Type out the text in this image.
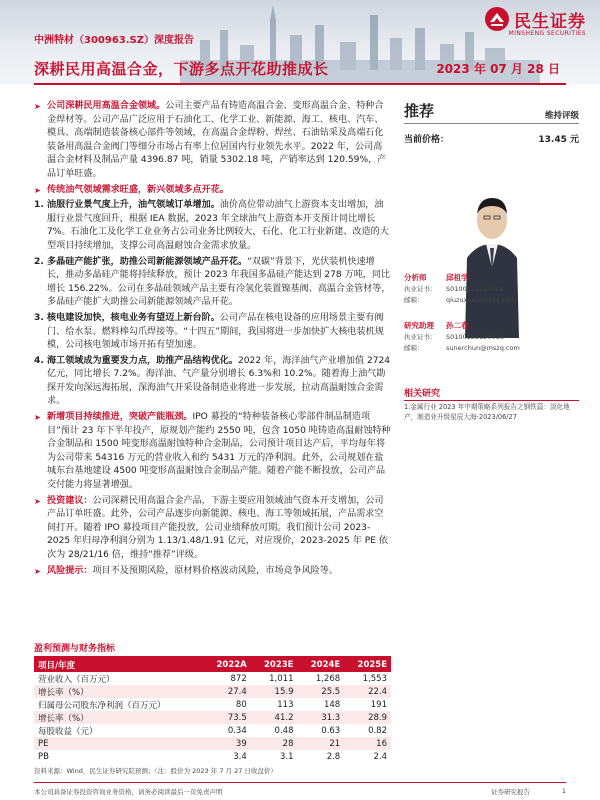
民生证券
MINSHENG SECURITIES
中洲特材（300963.SZ）深度报告
深耕民用高温合金，下游多点开花助推成长	2023 年 07 月 28 日
➤ 公司深耕民用高温合金领域。公司主要产品有铸造高温合金、变形高温合金、特种合金焊材等。公司产品广泛应用于石油化工、化学工业、新能源、海工、核电、汽车、模具、高端制造装备核心部件等领域，在高温合金焊粉、焊丝、石油钻采及高端石化装备用高温合金阀门等细分市场占有率上位居国内行业领先水平。2022 年，公司高温合金材料及制品产量 4396.87 吨，销量 5302.18 吨，产销率达到 120.59%，产品订单旺盛。
➤ 传统油气领域需求旺盛，新兴领域多点开花。
1. 油服行业景气度上升，油气领域订单增加。油价高位带动油气上游资本支出增加，油服行业景气度回升，根据 IEA 数据，2023 年全球油气上游资本开支预计同比增长 7%。石油化工及化学工业业务占公司业务比例较大，石化、化工行业新建、改造的大型项目持续增加，支撑公司高温耐蚀合金需求放量。
2. 多晶硅产能扩张，助推公司新能源领域产品开花。“双碳”背景下，光伏装机快速增长，推动多晶硅产能将持续释放，预计 2023 年我国多晶硅产能达到 278 万吨，同比增长 156.22%。公司在多晶硅领域产品主要有冷氢化装置镍基阀、高温合金管材等，多晶硅产能扩大助推公司新能源领域产品开花。
3. 核电建设加快，核电业务有望迈上新台阶。公司产品在核电设备的应用场景主要有阀门、给水泵、燃料棒勾爪焊接等。“十四五”期间，我国将进一步加快扩大核电装机规模，公司核电领域市场开拓有望加速。
4. 海工领域成为重要发力点，助推产品结构优化。2022 年，海洋油气产业增加值 2724 亿元，同比增长 7.2%。海洋油、气产量分别增长 6.3%和 10.2%。随着海上油气勘探开发向深远海拓展，深海油气开采设备制造业将进一步发展，拉动高温耐蚀合金需求。
➤ 新增项目持续推进，突破产能瓶颈。IPO 募投的“特种装备核心零部件制品制造项目”预计 23 年下半年投产，原规划产能约 2550 吨，包含 1050 吨铸造高温耐蚀特种合金制品和 1500 吨变形高温耐蚀特种合金制品，公司预计项目达产后，平均每年将为公司带来 54316 万元的营业收入和约 5431 万元的净利润。此外，公司规划在盐城东台基地建设 4500 吨变形高温耐蚀合金制品产能。随着产能不断投放，公司产品交付能力将显著增强。
➤ 投资建议：公司深耕民用高温合金产品，下游主要应用领域油气资本开支增加，公司产品订单旺盛。此外，公司产品逐步向新能源、核电、海工等领域拓展，产品需求空间打开。随着 IPO 募投项目产能投放，公司业绩释放可期。我们预计公司 2023-2025 年归母净利润分别为 1.13/1.48/1.91 亿元，对应现价，2023-2025 年 PE 依次为 28/21/16 倍，维持“推荐”评级。
➤ 风险提示：项目不及预期风险，原材料价格波动风险，市场竞争风险等。
盈利预测与财务指标
项目/年度	2022A	2023E	2024E	2025E
营业收入（百万元）	872	1,011	1,268	1,553
增长率（%）	27.4	15.9	25.5	22.4
归属母公司股东净利润（百万元）	80	113	148	191
增长率（%）	73.5	41.2	31.3	28.9
每股收益（元）	0.34	0.48	0.63	0.82
PE	39	28	21	16
PB	3.4	3.1	2.8	2.4
资料来源：Wind，民生证券研究院预测；（注：股价为 2023 年 7 月 27 日收盘价）
推荐	维持评级
当前价格：	13.45 元
分析师	邱祖学
执业证书：	S0100521120001
邮箱：	qiuzuxue@mszq.com
研究助理	孙二春
执业证书：	S0100122120036
邮箱：	sunerchun@mszq.com
相关研究
1.金属行业 2023 年中期策略系列报告之钢铁篇：淡化地产，制造业升级星辰大海-2023/06/27
本公司具备证券投资咨询业务资格，请务必阅读最后一页免责声明	证券研究报告	1
